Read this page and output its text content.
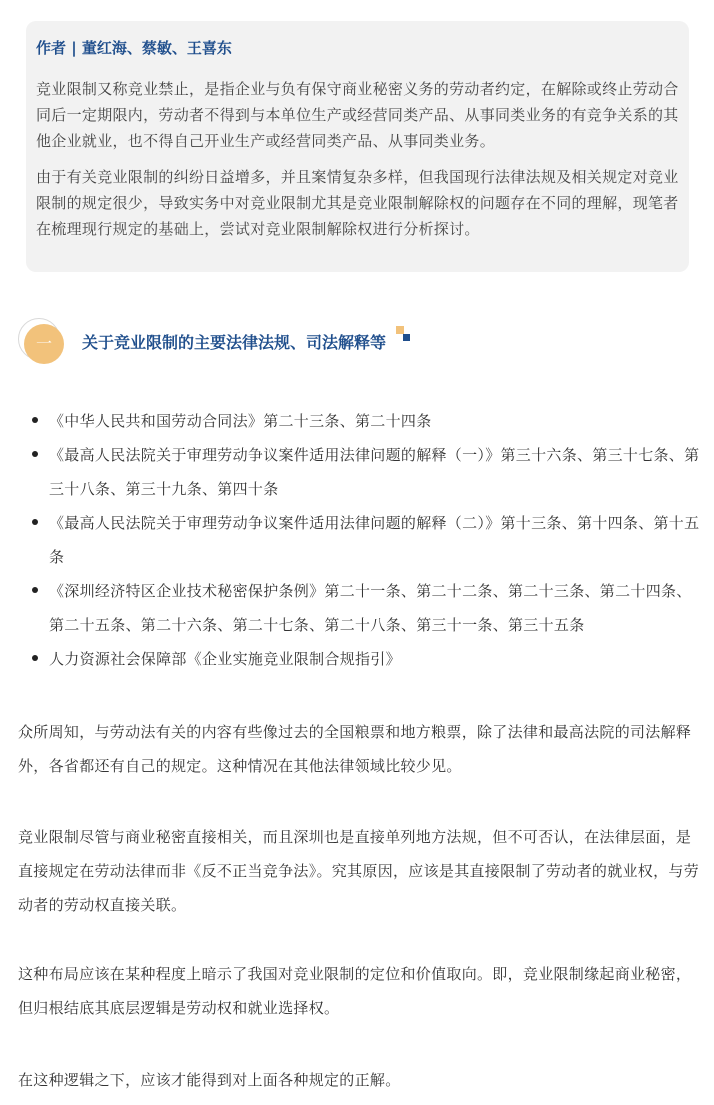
作者 | 董红海、蔡敏、王喜东

竞业限制又称竞业禁止，是指企业与负有保守商业秘密义务的劳动者约定，在解除或终止劳动合同后一定期限内，劳动者不得到与本单位生产或经营同类产品、从事同类业务的有竞争关系的其他企业就业，也不得自己开业生产或经营同类产品、从事同类业务。

由于有关竞业限制的纠纷日益增多，并且案情复杂多样，但我国现行法律法规及相关规定对竞业限制的规定很少，导致实务中对竞业限制尤其是竞业限制解除权的问题存在不同的理解，现笔者在梳理现行规定的基础上，尝试对竞业限制解除权进行分析探讨。

一	关于竞业限制的主要法律法规、司法解释等
《中华人民共和国劳动合同法》第二十三条、第二十四条
《最高人民法院关于审理劳动争议案件适用法律问题的解释（一）》第三十六条、第三十七条、第三十八条、第三十九条、第四十条
《最高人民法院关于审理劳动争议案件适用法律问题的解释（二）》第十三条、第十四条、第十五条
《深圳经济特区企业技术秘密保护条例》第二十一条、第二十二条、第二十三条、第二十四条、第二十五条、第二十六条、第二十七条、第二十八条、第三十一条、第三十五条
人力资源社会保障部《企业实施竞业限制合规指引》

众所周知，与劳动法有关的内容有些像过去的全国粮票和地方粮票，除了法律和最高法院的司法解释外，各省都还有自己的规定。这种情况在其他法律领域比较少见。

竞业限制尽管与商业秘密直接相关，而且深圳也是直接单列地方法规，但不可否认，在法律层面，是直接规定在劳动法律而非《反不正当竞争法》。究其原因，应该是其直接限制了劳动者的就业权，与劳动者的劳动权直接关联。

这种布局应该在某种程度上暗示了我国对竞业限制的定位和价值取向。即，竞业限制缘起商业秘密，但归根结底其底层逻辑是劳动权和就业选择权。

在这种逻辑之下，应该才能得到对上面各种规定的正解。
